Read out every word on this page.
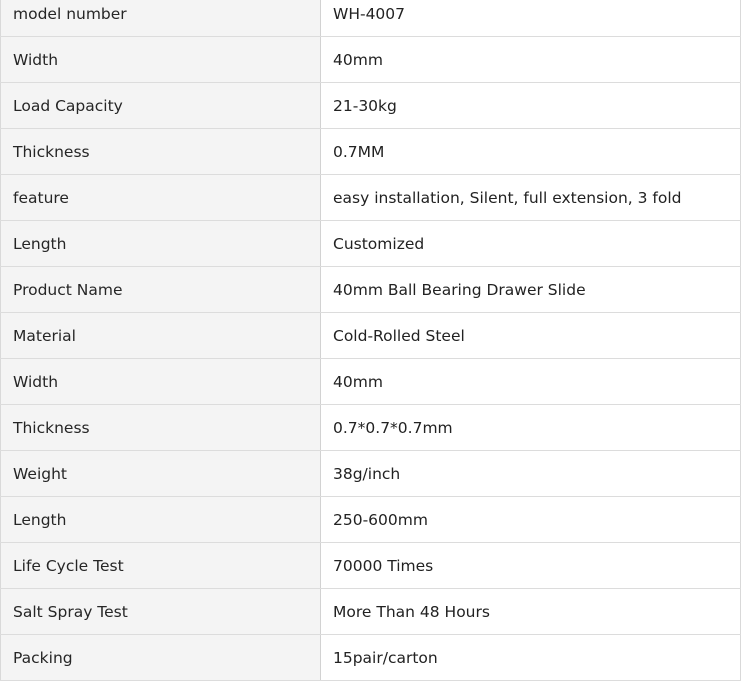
model number	WH-4007
Width	40mm
Load Capacity	21-30kg
Thickness	0.7MM
feature	easy installation, Silent, full extension, 3 fold
Length	Customized
Product Name	40mm Ball Bearing Drawer Slide
Material	Cold-Rolled Steel
Width	40mm
Thickness	0.7*0.7*0.7mm
Weight	38g/inch
Length	250-600mm
Life Cycle Test	70000 Times
Salt Spray Test	More Than 48 Hours
Packing	15pair/carton
